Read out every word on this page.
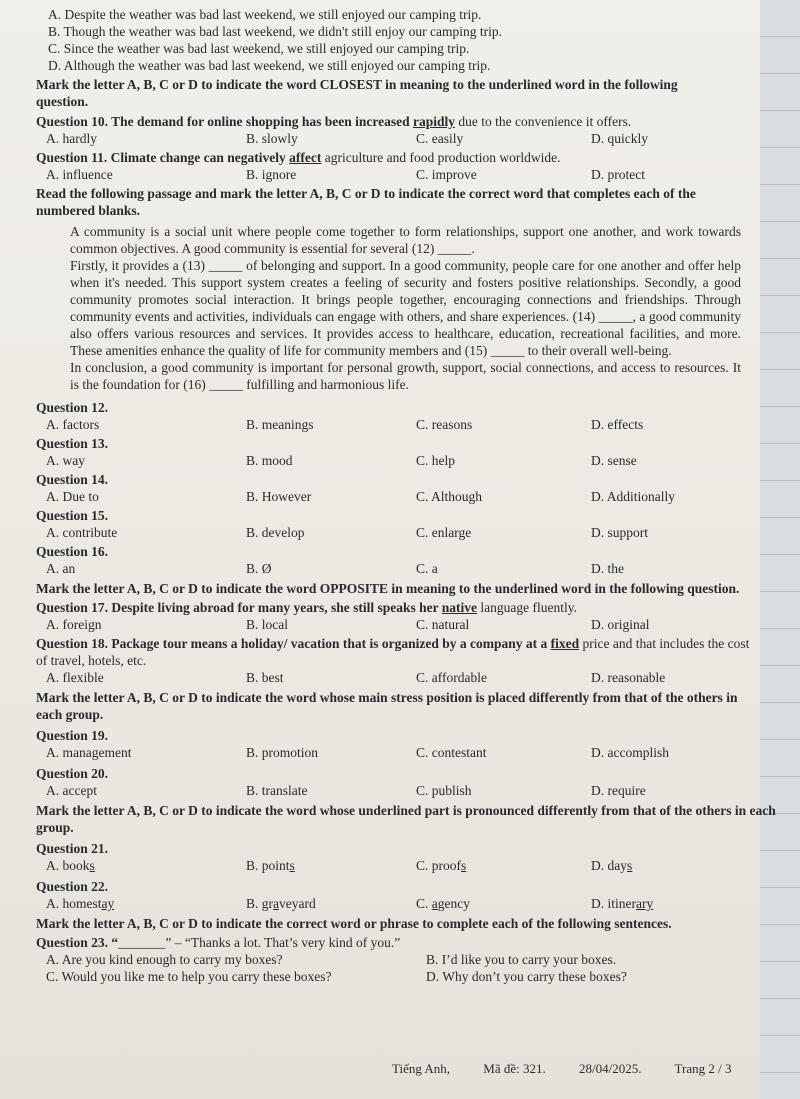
A. Despite the weather was bad last weekend, we still enjoyed our camping trip.
B. Though the weather was bad last weekend, we didn't still enjoy our camping trip.
C. Since the weather was bad last weekend, we still enjoyed our camping trip.
D. Although the weather was bad last weekend, we still enjoyed our camping trip.
Mark the letter A, B, C or D to indicate the word CLOSEST in meaning to the underlined word in the following question.
Question 10. The demand for online shopping has been increased rapidly due to the convenience it offers.
A. hardly	B. slowly	C. easily	D. quickly
Question 11. Climate change can negatively affect agriculture and food production worldwide.
A. influence	B. ignore	C. improve	D. protect
Read the following passage and mark the letter A, B, C or D to indicate the correct word that completes each of the numbered blanks.
A community is a social unit where people come together to form relationships, support one another, and work towards common objectives. A good community is essential for several (12) _____.
Firstly, it provides a (13) _____ of belonging and support. In a good community, people care for one another and offer help when it's needed. This support system creates a feeling of security and fosters positive relationships. Secondly, a good community promotes social interaction. It brings people together, encouraging connections and friendships. Through community events and activities, individuals can engage with others, and share experiences. (14) _____, a good community also offers various resources and services. It provides access to healthcare, education, recreational facilities, and more. These amenities enhance the quality of life for community members and (15) _____ to their overall well-being.
In conclusion, a good community is important for personal growth, support, social connections, and access to resources. It is the foundation for (16) _____ fulfilling and harmonious life.
Question 12.
A. factors	B. meanings	C. reasons	D. effects
Question 13.
A. way	B. mood	C. help	D. sense
Question 14.
A. Due to	B. However	C. Although	D. Additionally
Question 15.
A. contribute	B. develop	C. enlarge	D. support
Question 16.
A. an	B. Ø	C. a	D. the
Mark the letter A, B, C or D to indicate the word OPPOSITE in meaning to the underlined word in the following question.
Question 17. Despite living abroad for many years, she still speaks her native language fluently.
A. foreign	B. local	C. natural	D. original
Question 18. Package tour means a holiday/ vacation that is organized by a company at a fixed price and that includes the cost of travel, hotels, etc.
A. flexible	B. best	C. affordable	D. reasonable
Mark the letter A, B, C or D to indicate the word whose main stress position is placed differently from that of the others in each group.
Question 19.
A. management	B. promotion	C. contestant	D. accomplish
Question 20.
A. accept	B. translate	C. publish	D. require
Mark the letter A, B, C or D to indicate the word whose underlined part is pronounced differently from that of the others in each group.
Question 21.
A. books	B. points	C. proofs	D. days
Question 22.
A. homestay	B. graveyard	C. agency	D. itinerary
Mark the letter A, B, C or D to indicate the correct word or phrase to complete each of the following sentences.
Question 23. “_______” – “Thanks a lot. That’s very kind of you.”
A. Are you kind enough to carry my boxes?	B. I’d like you to carry your boxes.
C. Would you like me to help you carry these boxes?	D. Why don’t you carry these boxes?
Tiếng Anh,	Mã đề: 321.	28/04/2025.	Trang 2 / 3
